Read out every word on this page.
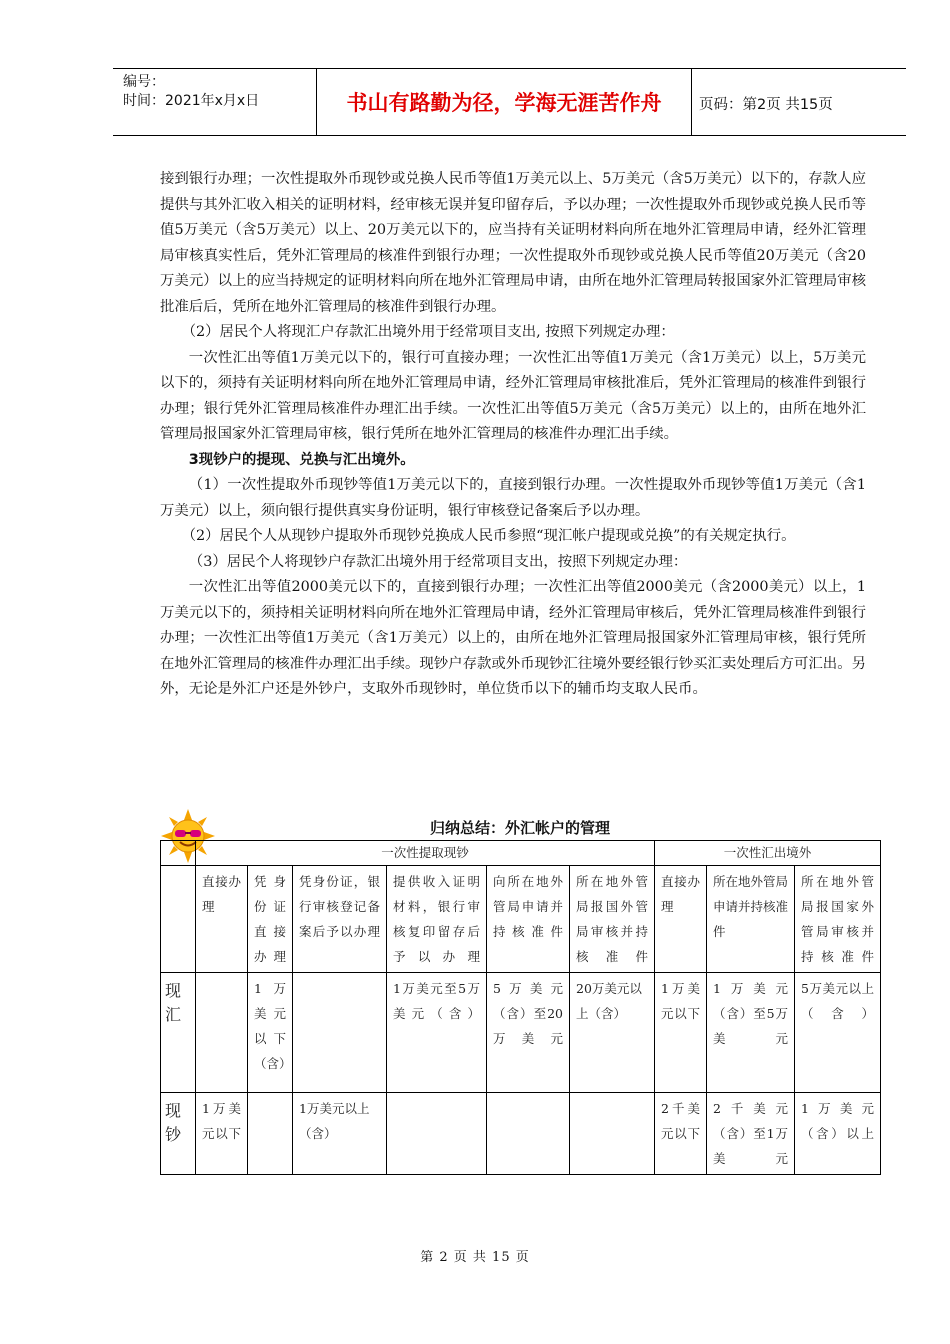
编号：
时间：2021年x月x日	书山有路勤为径，学海无涯苦作舟	页码：第2页 共15页

接到银行办理；一次性提取外币现钞或兑换人民币等值1万美元以上、5万美元（含5万美元）以下的，存款人应提供与其外汇收入相关的证明材料，经审核无误并复印留存后，予以办理；一次性提取外币现钞或兑换人民币等值5万美元（含5万美元）以上、20万美元以下的，应当持有关证明材料向所在地外汇管理局申请，经外汇管理局审核真实性后，凭外汇管理局的核准件到银行办理；一次性提取外币现钞或兑换人民币等值20万美元（含20万美元）以上的应当持规定的证明材料向所在地外汇管理局申请，由所在地外汇管理局转报国家外汇管理局审核批准后后，凭所在地外汇管理局的核准件到银行办理。

（2）居民个人将现汇户存款汇出境外用于经常项目支出, 按照下列规定办理：

一次性汇出等值1万美元以下的，银行可直接办理；一次性汇出等值1万美元（含1万美元）以上，5万美元以下的，须持有关证明材料向所在地外汇管理局申请，经外汇管理局审核批准后，凭外汇管理局的核准件到银行办理；银行凭外汇管理局核准件办理汇出手续。一次性汇出等值5万美元（含5万美元）以上的，由所在地外汇管理局报国家外汇管理局审核，银行凭所在地外汇管理局的核准件办理汇出手续。

3现钞户的提现、兑换与汇出境外。

（1）一次性提取外币现钞等值1万美元以下的，直接到银行办理。一次性提取外币现钞等值1万美元（含1万美元）以上，须向银行提供真实身份证明，银行审核登记备案后予以办理。

（2）居民个人从现钞户提取外币现钞兑换成人民币参照“现汇帐户提现或兑换”的有关规定执行。

（3）居民个人将现钞户存款汇出境外用于经常项目支出，按照下列规定办理：

一次性汇出等值2000美元以下的，直接到银行办理；一次性汇出等值2000美元（含2000美元）以上，1万美元以下的，须持相关证明材料向所在地外汇管理局申请，经外汇管理局审核后，凭外汇管理局核准件到银行办理；一次性汇出等值1万美元（含1万美元）以上的，由所在地外汇管理局报国家外汇管理局审核，银行凭所在地外汇管理局的核准件办理汇出手续。现钞户存款或外币现钞汇往境外要经银行钞买汇卖处理后方可汇出。另外，无论是外汇户还是外钞户，支取外币现钞时，单位货币以下的辅币均支取人民币。

归纳总结：外汇帐户的管理
	一次性提取现钞						一次性汇出境外		
	直接办理	凭身份证直接办理	凭身份证，银行审核登记备案后予以办理	提供收入证明材料，银行审核复印留存后予以办理	向所在地外管局申请并持核准件	所在地外管局报国外管局审核并持核准件	直接办理	所在地外管局申请并持核准件	所在地外管局报国家外管局审核并持核准件
现汇		1万美元以下（含）		1万美元至5万美元（含）	5万美元（含）至20万美元	20万美元以上（含）	1万美元以下	1万美元（含）至5万美元	5万美元以上（含）
现钞	1万美元以下		1万美元以上（含）				2千美元以下	2千美元（含）至1万美元	1万美元（含）以上
第 2 页 共 15 页
